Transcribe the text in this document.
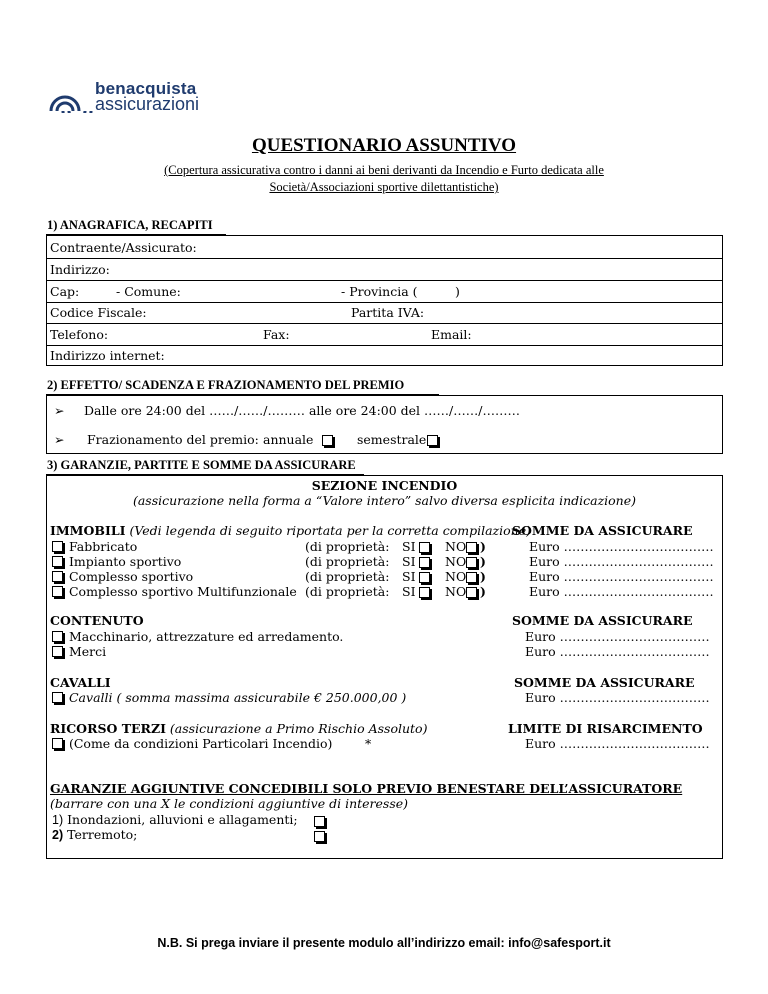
benacquista
assicurazioni
QUESTIONARIO ASSUNTIVO
(Copertura assicurativa contro i danni ai beni derivanti da Incendio e Furto dedicata alle
Società/Associazioni sportive dilettantistiche)
1) ANAGRAFICA, RECAPITI
Contraente/Assicurato:
Indirizzo:
Cap:	- Comune:	- Provincia (	)
Codice Fiscale:	Partita IVA:
Telefono:	Fax:	Email:
Indirizzo internet:
2) EFFETTO/ SCADENZA E FRAZIONAMENTO DEL PREMIO
➢ Dalle ore 24:00 del ……/……/……… alle ore 24:00 del ……/……/………
➢ Frazionamento del premio: annuale	semestrale
3) GARANZIE, PARTITE E SOMME DA ASSICURARE
SEZIONE INCENDIO
(assicurazione nella forma a “Valore intero” salvo diversa esplicita indicazione)
IMMOBILI (Vedi legenda di seguito riportata per la corretta compilazione)
SOMME DA ASSICURARE
Fabbricato	(di proprietà: SI NO )	Euro ………………………………
Impianto sportivo	(di proprietà: SI NO )	Euro ………………………………
Complesso sportivo	(di proprietà: SI NO )	Euro ………………………………
Complesso sportivo Multifunzionale (di proprietà: SI NO )	Euro ………………………………
CONTENUTO	SOMME DA ASSICURARE
Macchinario, attrezzature ed arredamento.	Euro ………………………………
Merci	Euro ………………………………
CAVALLI	SOMME DA ASSICURARE
Cavalli ( somma massima assicurabile € 250.000,00 )	Euro ………………………………
RICORSO TERZI (assicurazione a Primo Rischio Assoluto)	LIMITE DI RISARCIMENTO
(Come da condizioni Particolari Incendio)	*	Euro ………………………………
GARANZIE AGGIUNTIVE CONCEDIBILI SOLO PREVIO BENESTARE DELL’ASSICURATORE
(barrare con una X le condizioni aggiuntive di interesse)
1) Inondazioni, alluvioni e allagamenti;
2) Terremoto;
N.B. Si prega inviare il presente modulo all’indirizzo email: info@safesport.it
